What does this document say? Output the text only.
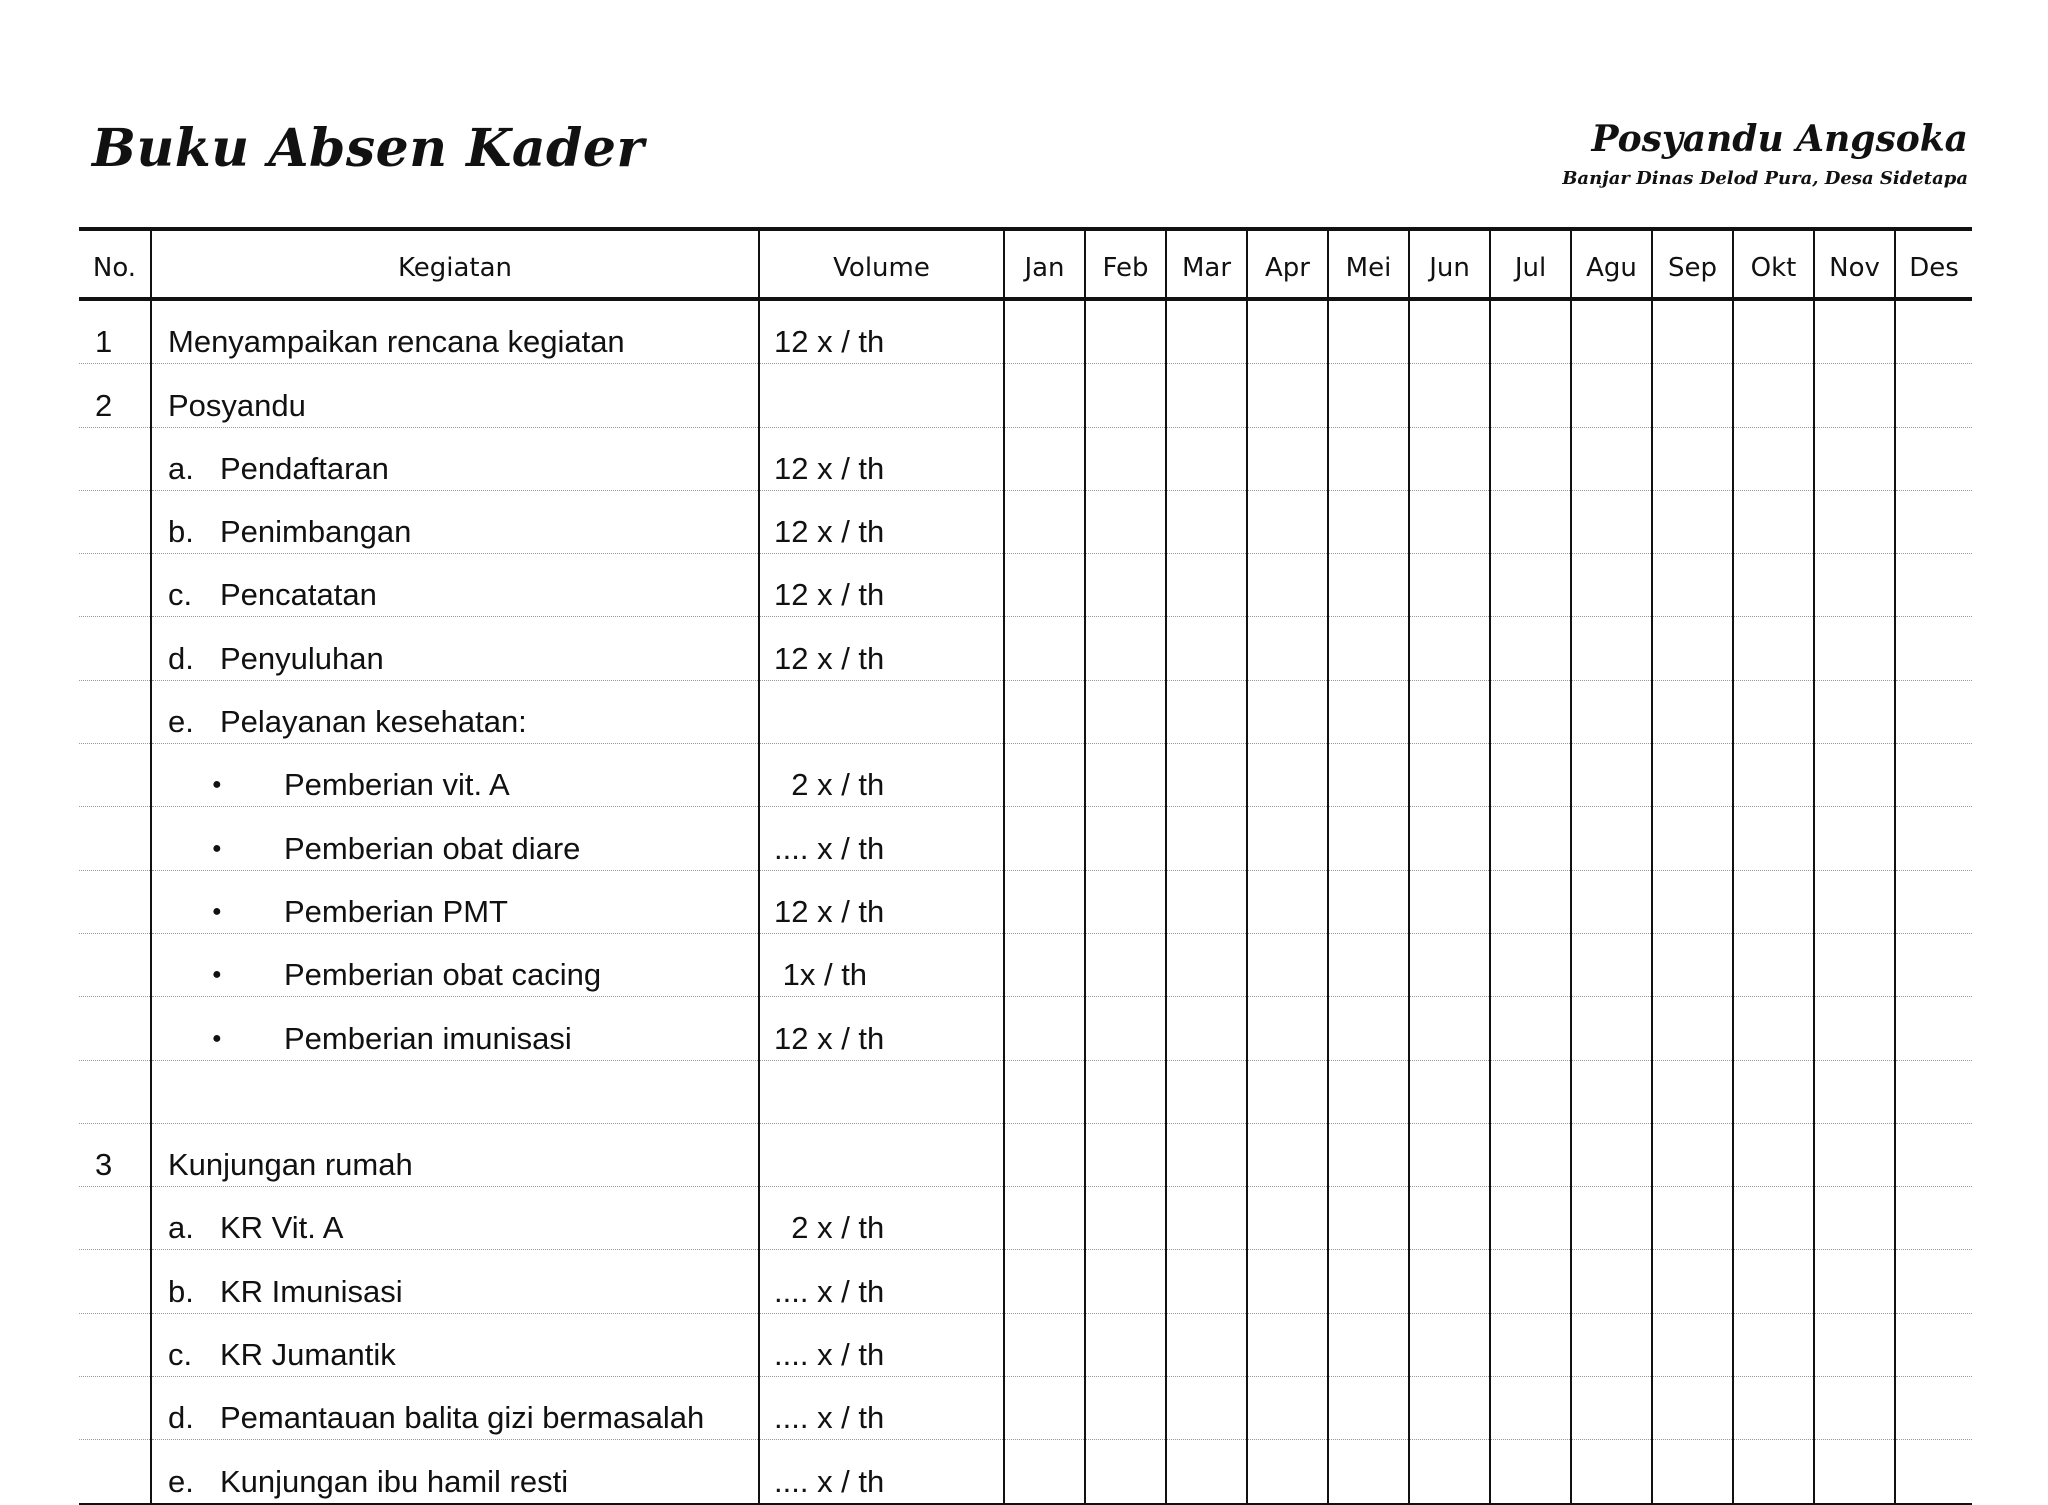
Buku Absen Kader	Posyandu Angsoka
Banjar Dinas Delod Pura, Desa Sidetapa
No.	Kegiatan	Volume	Jan	Feb	Mar	Apr	Mei	Jun	Jul	Agu	Sep	Okt	Nov	Des
1	Menyampaikan rencana kegiatan	12 x / th												
2	Posyandu													
	a. Pendaftaran	12 x / th												
	b. Penimbangan	12 x / th												
	c. Pencatatan	12 x / th												
	d. Penyuluhan	12 x / th												
	e. Pelayanan kesehatan:													
	●Pemberian vit. A	2 x / th												
	●Pemberian obat diare	.... x / th												
	●Pemberian PMT	12 x / th												
	●Pemberian obat cacing	1x / th												
	●Pemberian imunisasi	12 x / th												

3	Kunjungan rumah													
	a. KR Vit. A	2 x / th												
	b. KR Imunisasi	.... x / th												
	c. KR Jumantik	.... x / th												
	d. Pemantauan balita gizi bermasalah	.... x / th												
	e. Kunjungan ibu hamil resti	.... x / th												
